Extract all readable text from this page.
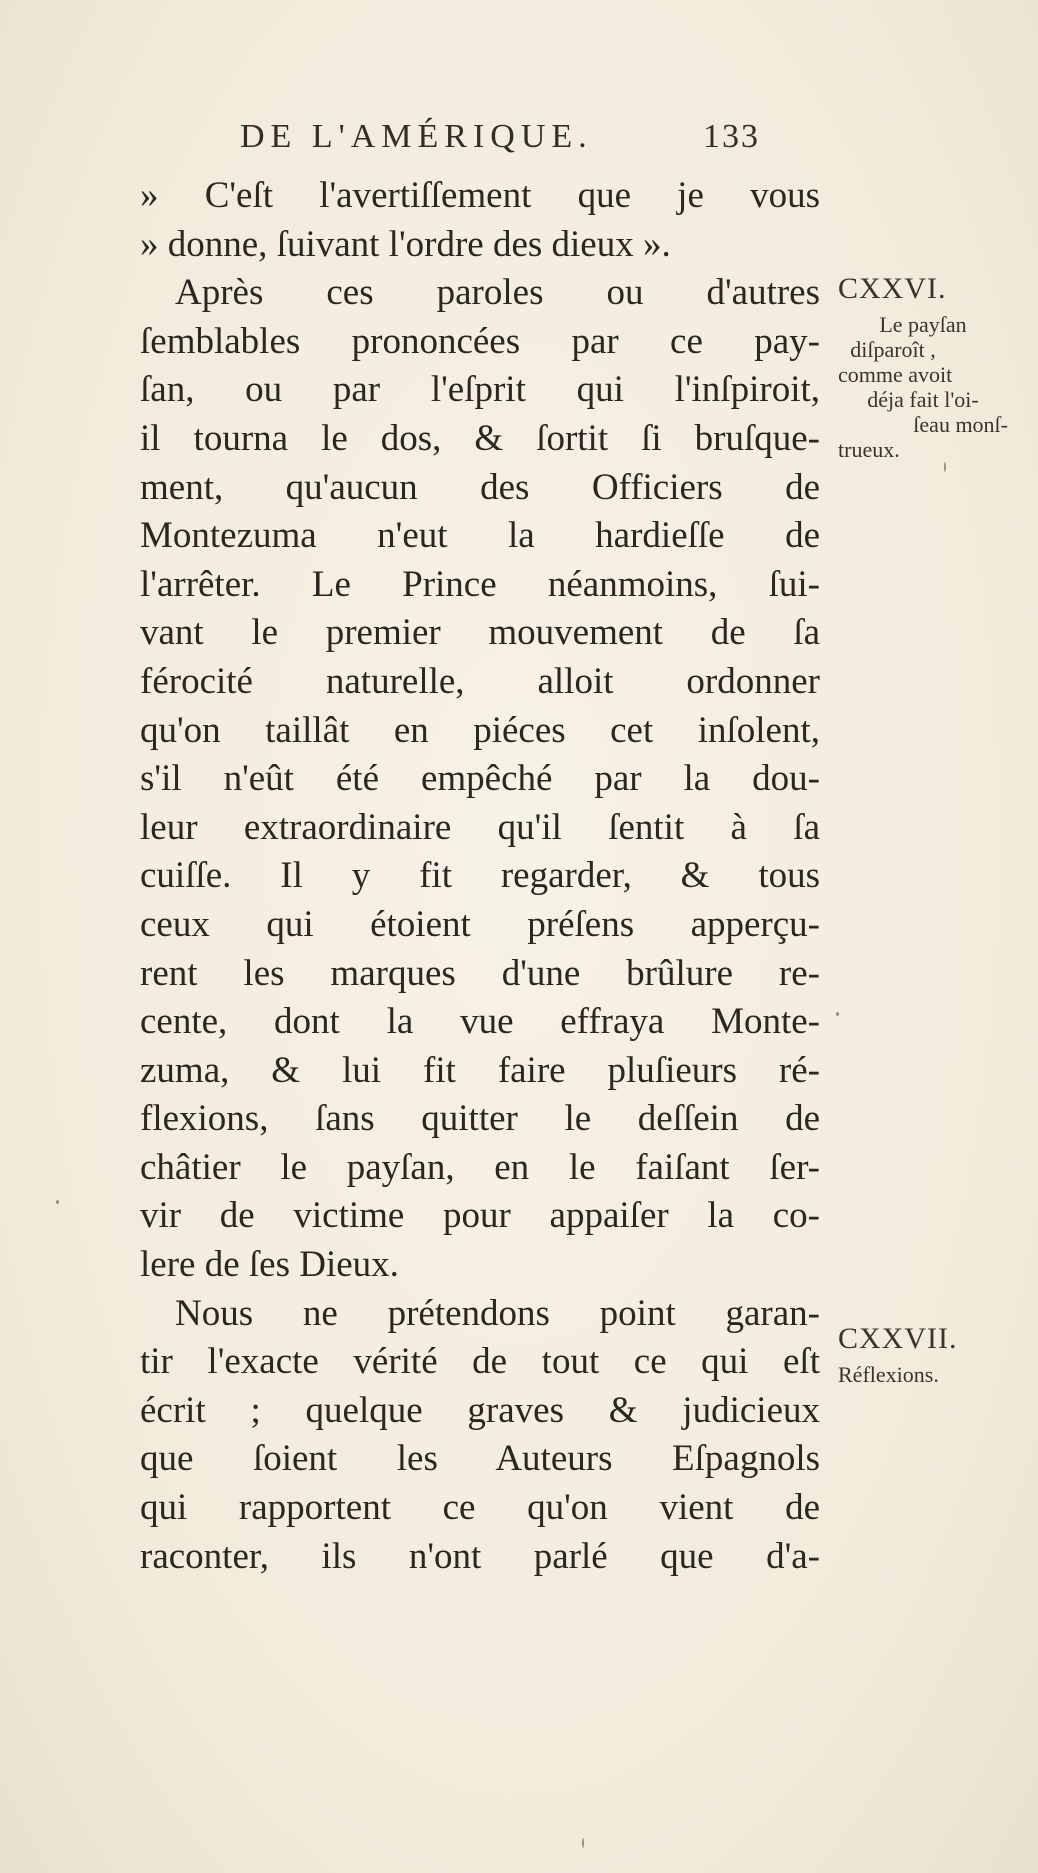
DE L'AMÉRIQUE.	133
» C'eſt l'avertiſſement que je vous
» donne, ſuivant l'ordre des dieux ».
Après ces paroles ou d'autres
ſemblables prononcées par ce pay-
ſan, ou par l'eſprit qui l'inſpiroit,
il tourna le dos, & ſortit ſi bruſque-
ment, qu'aucun des Officiers de
Montezuma n'eut la hardieſſe de
l'arrêter. Le Prince néanmoins, ſui-
vant le premier mouvement de ſa
férocité naturelle, alloit ordonner
qu'on taillât en piéces cet inſolent,
s'il n'eût été empêché par la dou-
leur extraordinaire qu'il ſentit à ſa
cuiſſe. Il y fit regarder, & tous
ceux qui étoient préſens apperçu-
rent les marques d'une brûlure re-
cente, dont la vue effraya Monte-
zuma, & lui fit faire pluſieurs ré-
flexions, ſans quitter le deſſein de
châtier le payſan, en le faiſant ſer-
vir de victime pour appaiſer la co-
lere de ſes Dieux.
Nous ne prétendons point garan-
tir l'exacte vérité de tout ce qui eſt
écrit ; quelque graves & judicieux
que ſoient les Auteurs Eſpagnols
qui rapportent ce qu'on vient de
raconter, ils n'ont parlé que d'a-
CXXVI.
Le payſan
diſparoît ,
comme avoit
déja fait l'oi-
ſeau monſ-
trueux.
CXXVII.
Réflexions.
